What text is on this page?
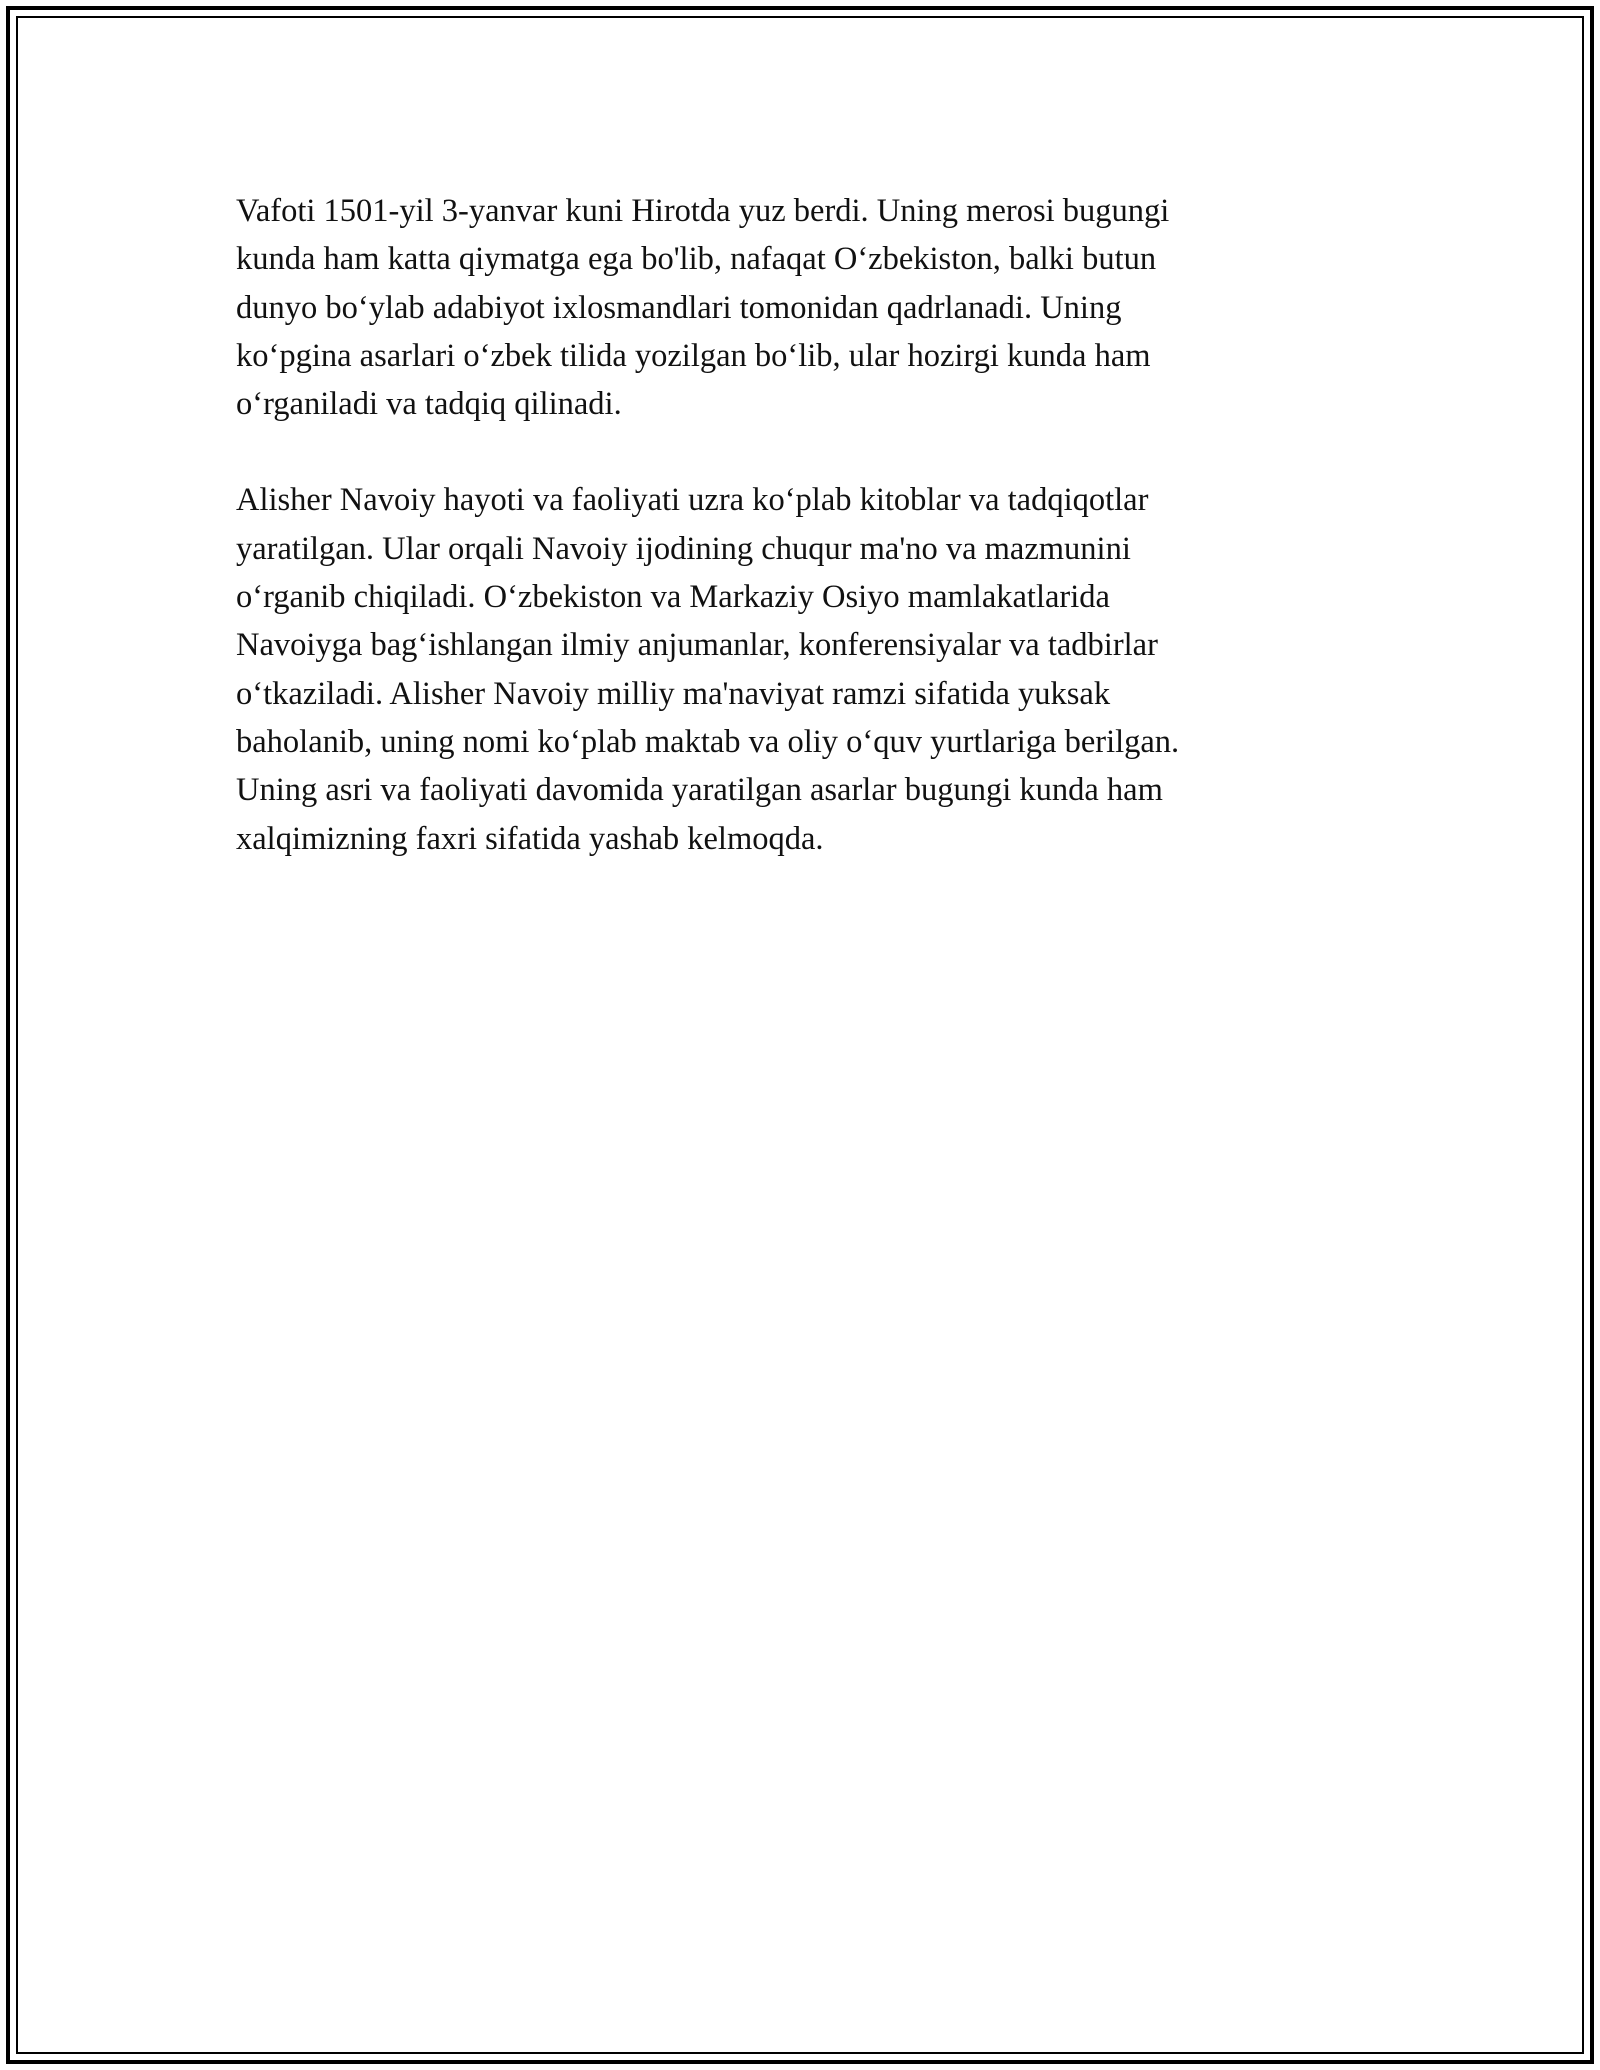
Vafoti 1501-yil 3-yanvar kuni Hirotda yuz berdi. Uning merosi bugungi
kunda ham katta qiymatga ega bo'lib, nafaqat O‘zbekiston, balki butun
dunyo bo‘ylab adabiyot ixlosmandlari tomonidan qadrlanadi. Uning
ko‘pgina asarlari o‘zbek tilida yozilgan bo‘lib, ular hozirgi kunda ham
o‘rganiladi va tadqiq qilinadi.

Alisher Navoiy hayoti va faoliyati uzra ko‘plab kitoblar va tadqiqotlar
yaratilgan. Ular orqali Navoiy ijodining chuqur ma'no va mazmunini
o‘rganib chiqiladi. O‘zbekiston va Markaziy Osiyo mamlakatlarida
Navoiyga bag‘ishlangan ilmiy anjumanlar, konferensiyalar va tadbirlar
o‘tkaziladi. Alisher Navoiy milliy ma'naviyat ramzi sifatida yuksak
baholanib, uning nomi ko‘plab maktab va oliy o‘quv yurtlariga berilgan.
Uning asri va faoliyati davomida yaratilgan asarlar bugungi kunda ham
xalqimizning faxri sifatida yashab kelmoqda.
